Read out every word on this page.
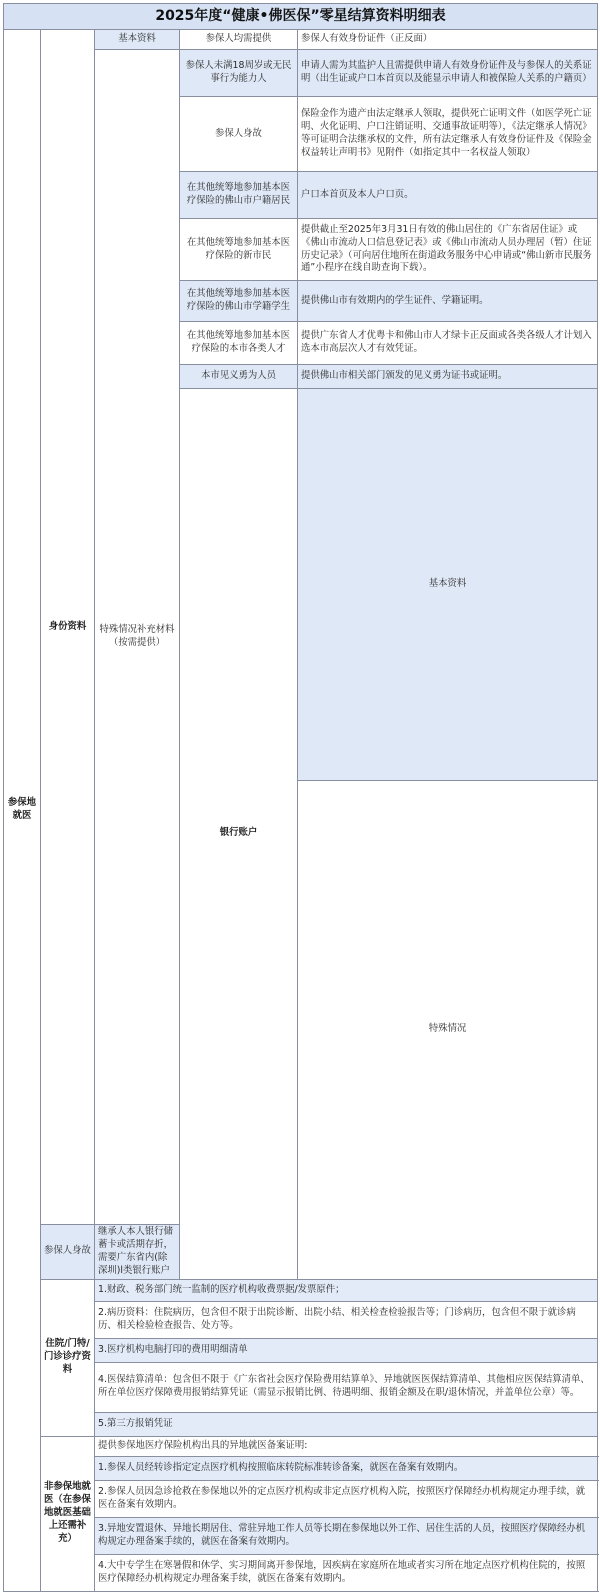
2025年度“健康•佛医保”零星结算资料明细表					
参保地就医	身份资料	基本资料	参保人均需提供	参保人有效身份证件（正反面）	
		特殊情况补充材料（按需提供）	参保人未满18周岁或无民事行为能力人	申请人需为其监护人且需提供申请人有效身份证件及与参保人的关系证明（出生证或户口本首页以及能显示申请人和被保险人关系的户籍页）	
			参保人身故	保险金作为遗产由法定继承人领取，提供死亡证明文件（如医学死亡证明、火化证明、户口注销证明、交通事故证明等），《法定继承人情况》等可证明合法继承权的文件，所有法定继承人有效身份证件及《保险金权益转让声明书》见附件（如指定其中一名权益人领取）	
			在其他统筹地参加基本医疗保险的佛山市户籍居民	户口本首页及本人户口页。	
			在其他统筹地参加基本医疗保险的新市民	提供截止至2025年3月31日有效的佛山居住的《广东省居住证》或《佛山市流动人口信息登记表》或《佛山市流动人员办理居（暂）住证历史记录》（可向居住地所在街道政务服务中心申请或“佛山新市民服务通”小程序在线自助查询下载）。	
			在其他统筹地参加基本医疗保险的佛山市学籍学生	提供佛山市有效期内的学生证件、学籍证明。	
			在其他统筹地参加基本医疗保险的本市各类人才	提供广东省人才优粤卡和佛山市人才绿卡正反面或各类各级人才计划入选本市高层次人才有效凭证。	
			本市见义勇为人员	提供佛山市相关部门颁发的见义勇为证书或证明。	
			银行账户	基本资料		
				特殊情况		
	参保人身故	继承人本人银行储蓄卡或活期存折，需要广东省内(除深圳)l类银行账户			
	住院/门特/门诊诊疗资料	1.财政、税务部门统一监制的医疗机构收费票据/发票原件；			
		2.病历资料：住院病历，包含但不限于出院诊断、出院小结、相关检查检验报告等；门诊病历，包含但不限于就诊病历、相关检验检查报告、处方等。			
		3.医疗机构电脑打印的费用明细清单			
		4.医保结算清单：包含但不限于《广东省社会医疗保险费用结算单》、异地就医医保结算清单、其他相应医保结算清单、所在单位医疗保障费用报销结算凭证（需显示报销比例、待遇明细、报销金额及在职/退休情况，并盖单位公章）等。			
		5.第三方报销凭证			
	非参保地就医（在参保地就医基础上还需补充）	提供参保地医疗保险机构出具的异地就医备案证明:			
		1.参保人员经转诊指定定点医疗机构按照临床转院标准转诊备案，就医在备案有效期内。			
		2.参保人员因急诊抢救在参保地以外的定点医疗机构或非定点医疗机构入院，按照医疗保障经办机构规定办理手续，就医在备案有效期内。			
		3.异地安置退休、异地长期居住、常驻异地工作人员等长期在参保地以外工作、居住生活的人员，按照医疗保障经办机构规定办理备案手续的，就医在备案有效期内。			
		4.大中专学生在寒暑假和休学、实习期间离开参保地，因疾病在家庭所在地或者实习所在地定点医疗机构住院的，按照医疗保障经办机构规定办理备案手续，就医在备案有效期内。			
